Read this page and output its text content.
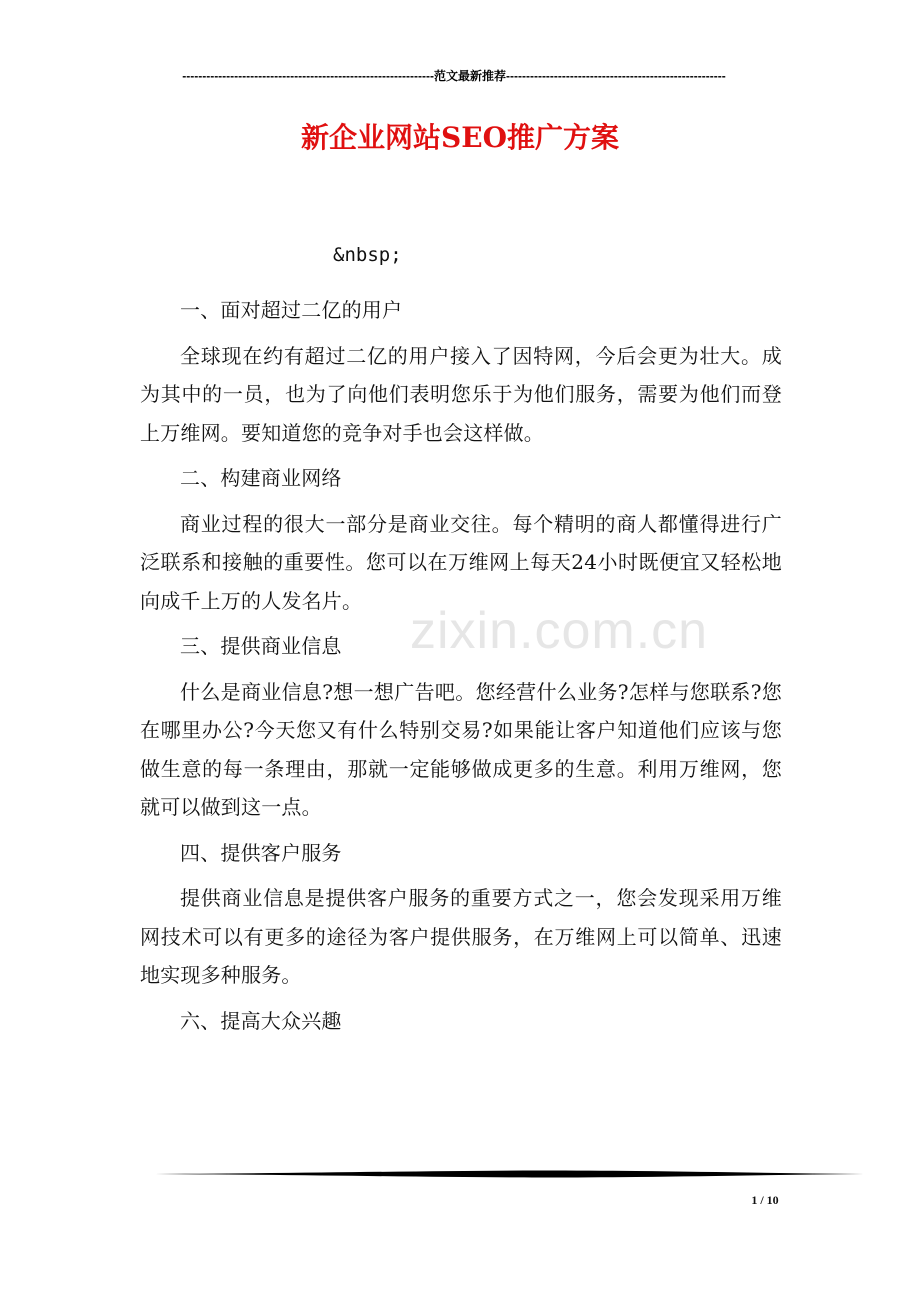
---------------------------------------------------------------范文最新推荐-------------------------------------------------------
新企业网站SEO推广方案
&nbsp;
zixin.com.cn

一、面对超过二亿的用户

全球现在约有超过二亿的用户接入了因特网，今后会更为壮大。成为其中的一员，也为了向他们表明您乐于为他们服务，需要为他们而登上万维网。要知道您的竞争对手也会这样做。

二、构建商业网络

商业过程的很大一部分是商业交往。每个精明的商人都懂得进行广泛联系和接触的重要性。您可以在万维网上每天24小时既便宜又轻松地向成千上万的人发名片。

三、提供商业信息

什么是商业信息?想一想广告吧。您经营什么业务?怎样与您联系?您在哪里办公?今天您又有什么特别交易?如果能让客户知道他们应该与您做生意的每一条理由，那就一定能够做成更多的生意。利用万维网，您就可以做到这一点。

四、提供客户服务

提供商业信息是提供客户服务的重要方式之一，您会发现采用万维网技术可以有更多的途径为客户提供服务，在万维网上可以简单、迅速地实现多种服务。

六、提高大众兴趣

1 / 10
